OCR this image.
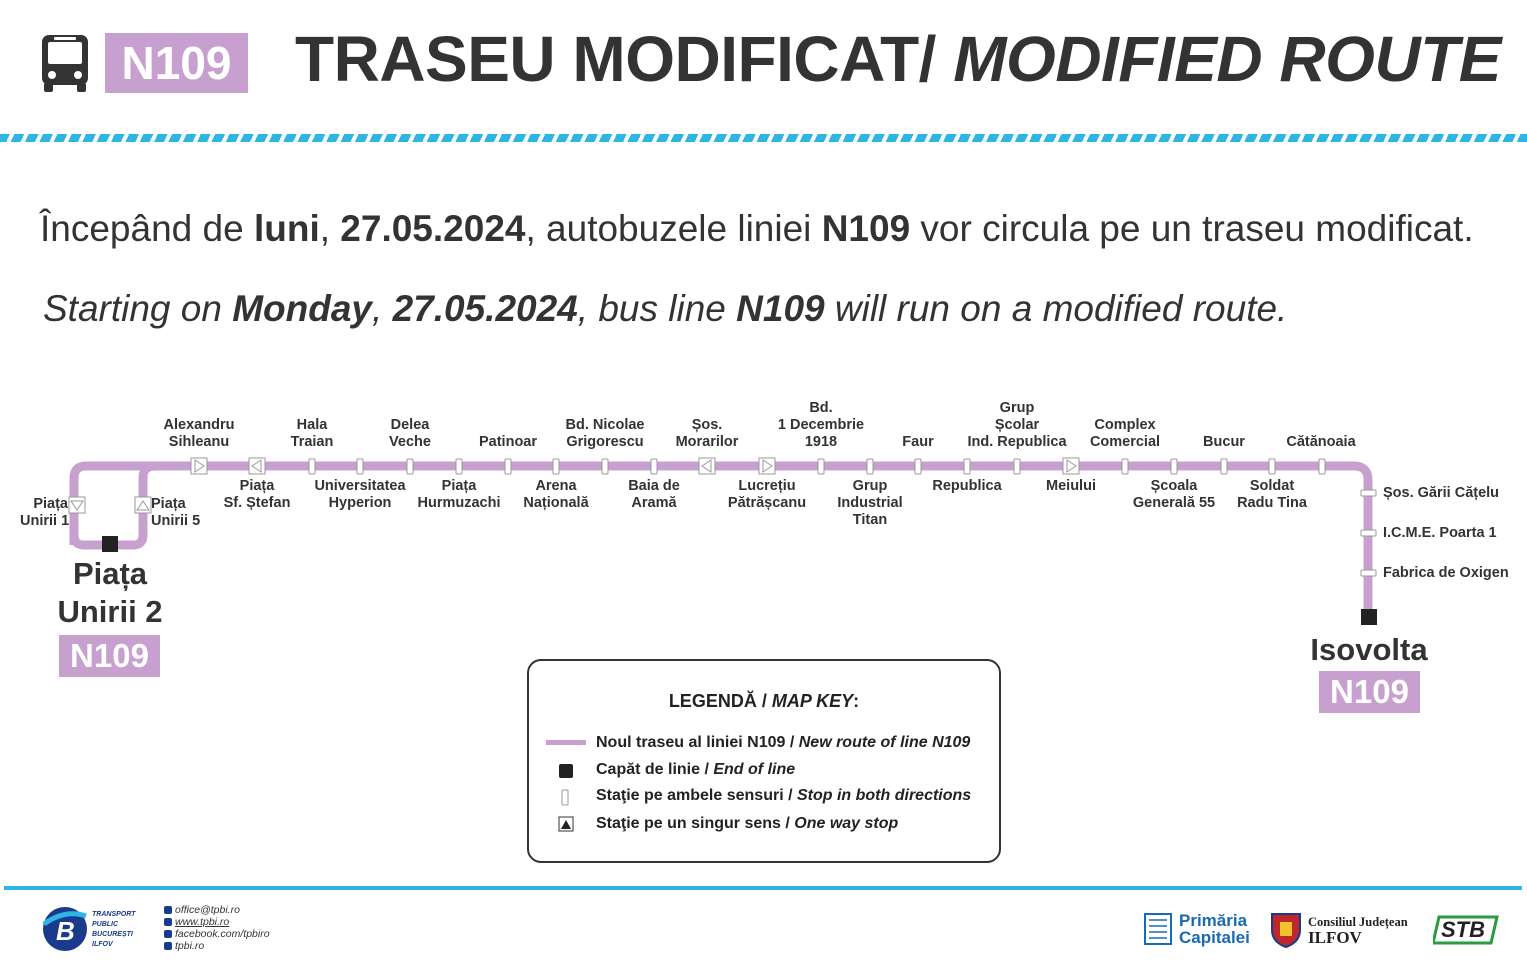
N109 TRASEU MODIFICAT/ MODIFIED ROUTE
Începând de luni, 27.05.2024, autobuzele liniei N109 vor circula pe un traseu modificat.
Starting on Monday, 27.05.2024, bus line N109 will run on a modified route.
Piața
Unirii 1
Piața
Unirii 5
Alexandru
Sihleanu
Hala
Traian
Delea
Veche	Patinoar
Bd. Nicolae
Grigorescu
Șos.
Morarilor
Bd.
1 Decembrie
1918	Faur
Grup
Școlar
Ind. Republica
Complex
Comercial	Bucur	Cătănoaia
Piața
Sf. Ștefan
Universitatea
Hyperion
Piața
Hurmuzachi
Arena
Națională
Baia de
Aramă
Lucrețiu
Pătrășcanu
Grup
Industrial
Titan
Republica	Meiului	Școala
Generală 55
Soldat
Radu Tina
Șos. Gării Cățelu
I.C.M.E. Poarta 1
Fabrica de Oxigen
Piața
Unirii 2
N109	Isovolta
N109
LEGENDĂ / MAP KEY:
Noul traseu al liniei N109 / New route of line N109
Capăt de linie / End of line
Staţie pe ambele sensuri / Stop in both directions
Staţie pe un singur sens / One way stop
B
TRANSPORT
PUBLIC
BUCUREȘTI
ILFOV
office@tpbi.ro
www.tpbi.ro
facebook.com/tpbiro
tpbi.ro
Primăria
Capitalei
Consiliul Județean
ILFOV	STB
